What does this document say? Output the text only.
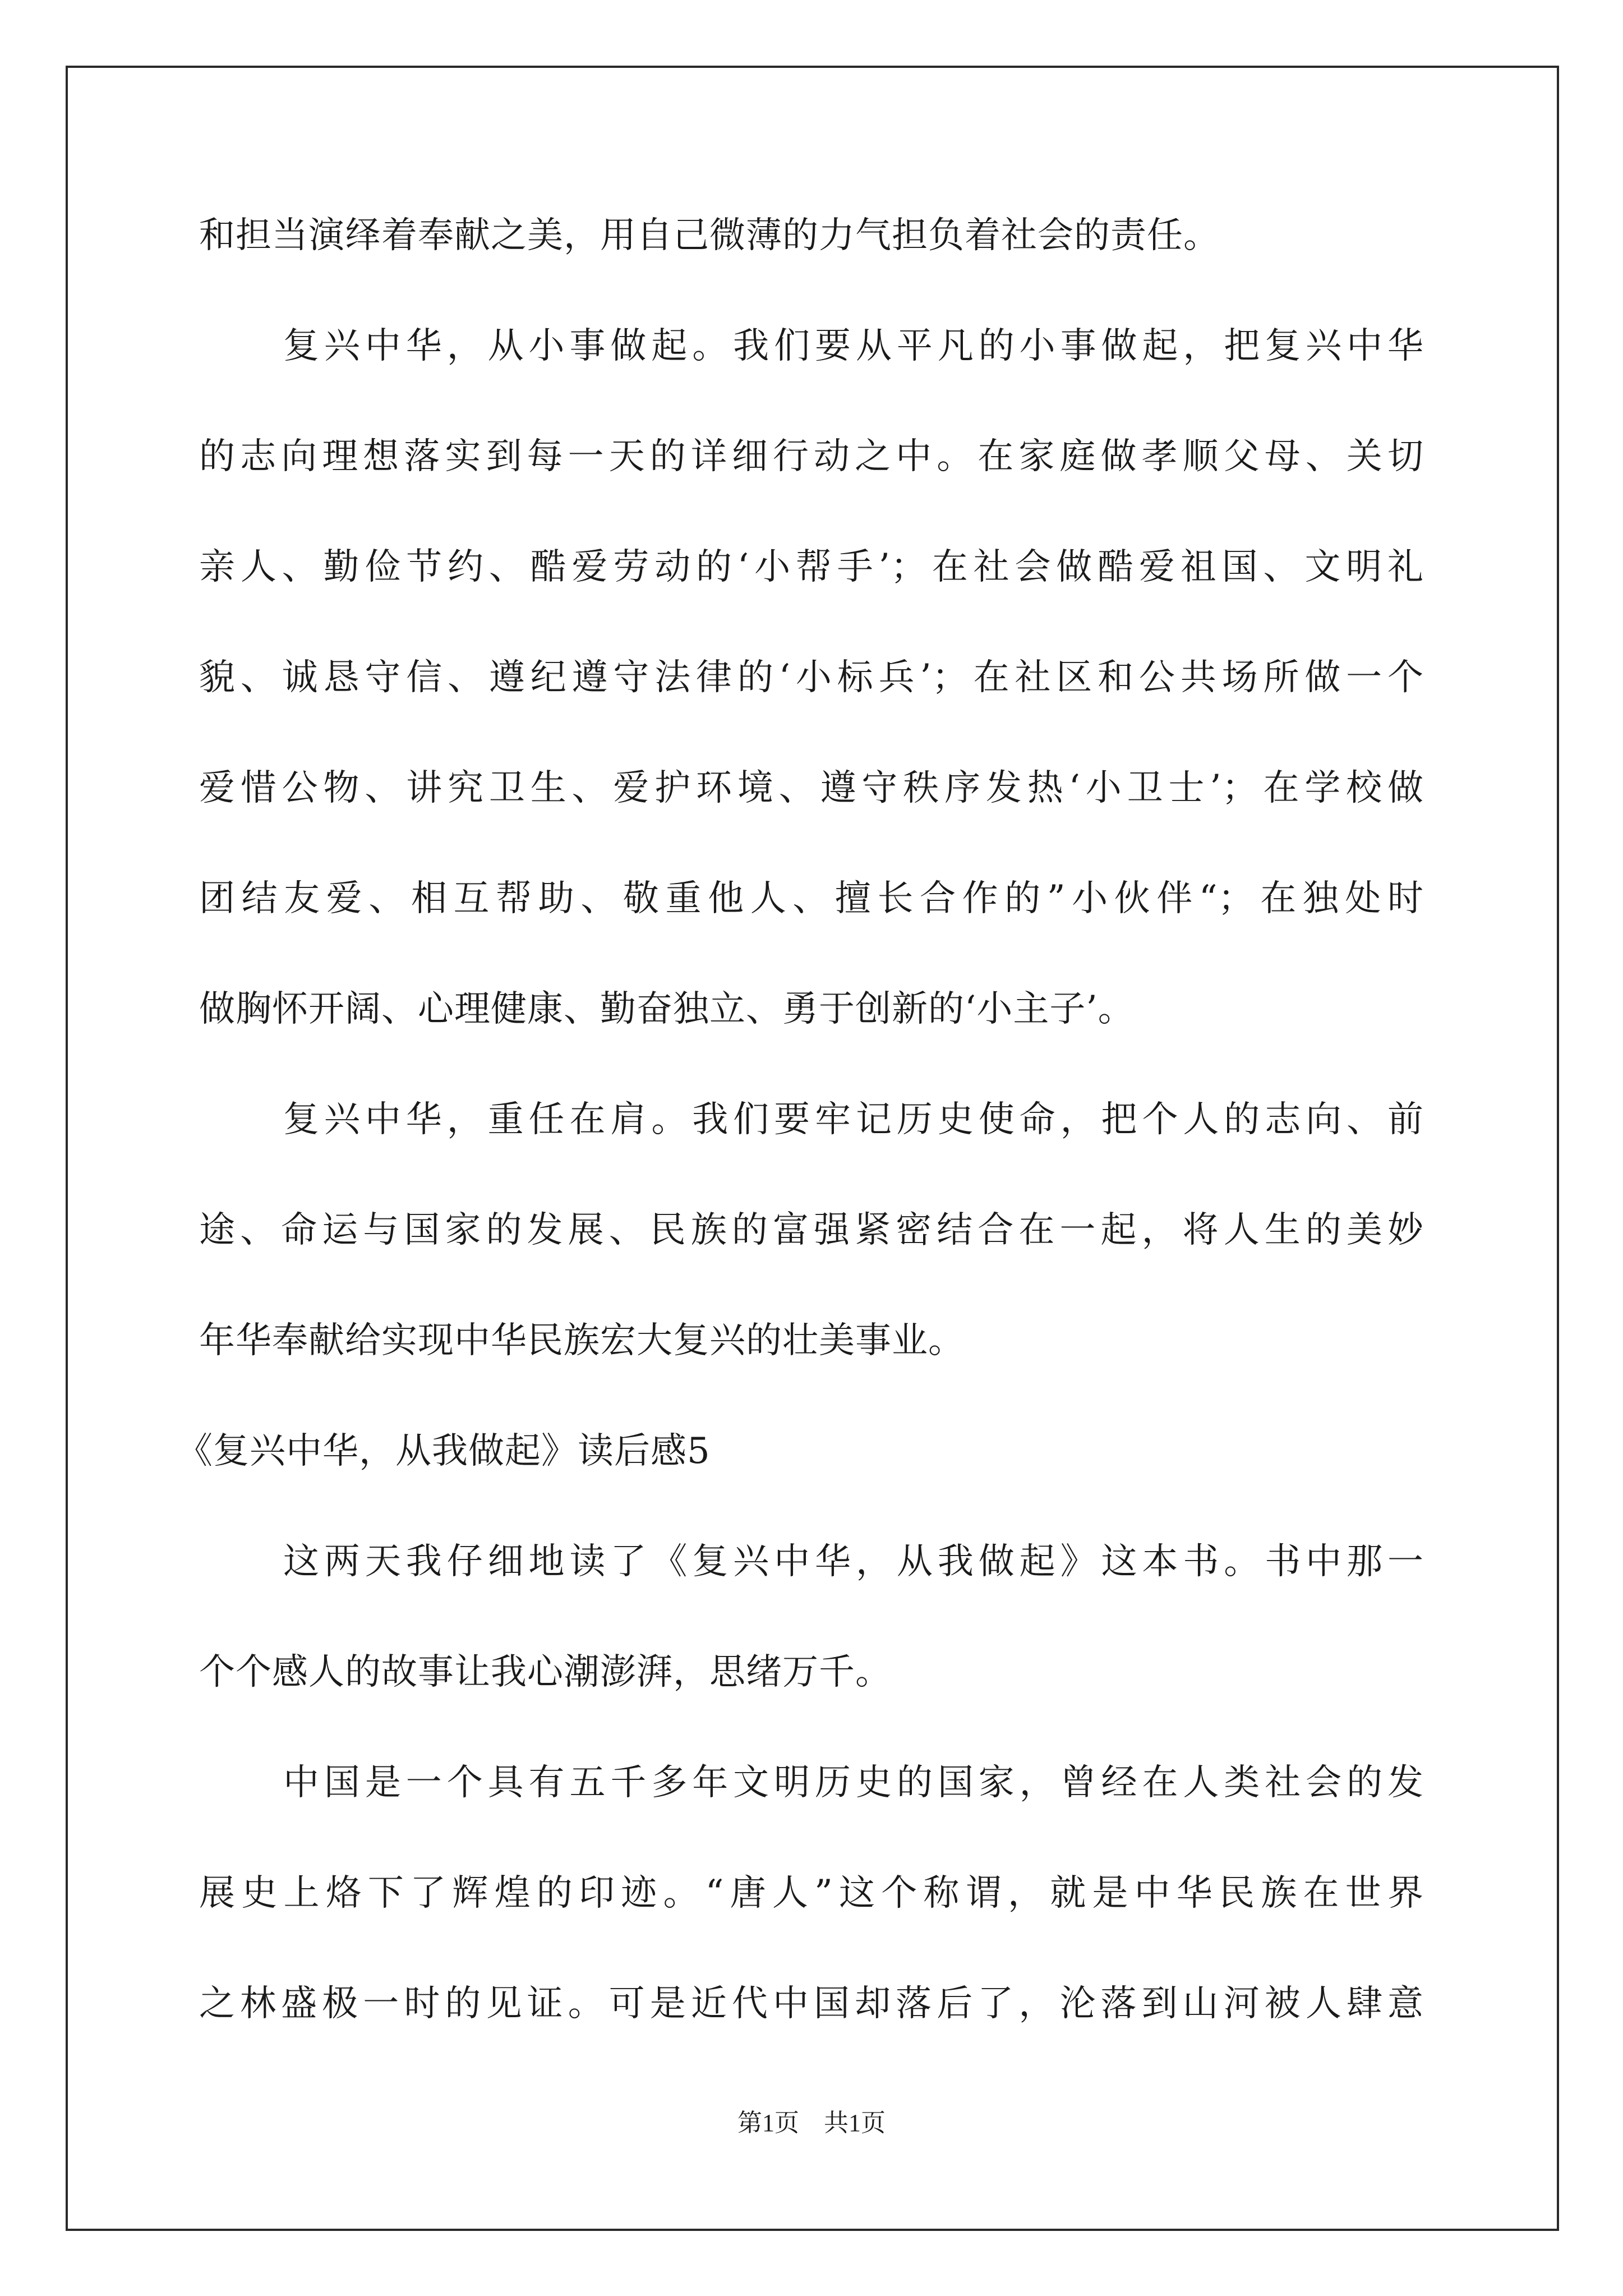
和担当演绎着奉献之美，用自己微薄的力气担负着社会的责任。
复兴中华，从小事做起。我们要从平凡的小事做起，把复兴中华
的志向理想落实到每一天的详细行动之中。在家庭做孝顺父母、关切
亲人、勤俭节约、酷爱劳动的‘小帮手’；在社会做酷爱祖国、文明礼
貌、诚恳守信、遵纪遵守法律的‘小标兵’；在社区和公共场所做一个
爱惜公物、讲究卫生、爱护环境、遵守秩序发热‘小卫士’；在学校做
团结友爱、相互帮助、敬重他人、擅长合作的”小伙伴“；在独处时
做胸怀开阔、心理健康、勤奋独立、勇于创新的‘小主子’。
复兴中华，重任在肩。我们要牢记历史使命，把个人的志向、前
途、命运与国家的发展、民族的富强紧密结合在一起，将人生的美妙
年华奉献给实现中华民族宏大复兴的壮美事业。
《复兴中华，从我做起》读后感5
这两天我仔细地读了《复兴中华，从我做起》这本书。书中那一
个个感人的故事让我心潮澎湃，思绪万千。
中国是一个具有五千多年文明历史的国家，曾经在人类社会的发
展史上烙下了辉煌的印迹。“唐人”这个称谓，就是中华民族在世界
之林盛极一时的见证。可是近代中国却落后了，沦落到山河被人肆意
第1页 共1页
